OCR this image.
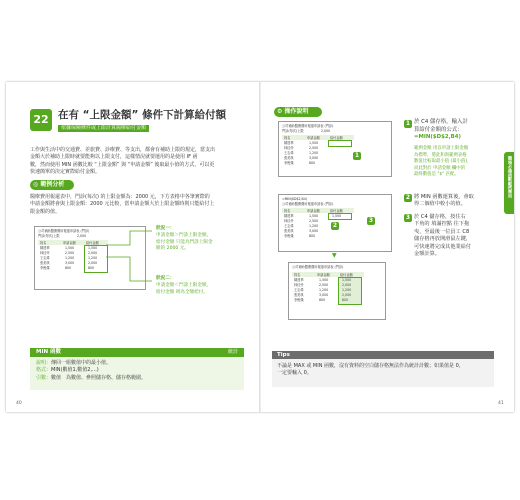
22 在有 “上限金額” 條件下計算給付額
依據保險條件或上限計算醫療給付金額
工作與生活中的交通費、差旅費、診療費、等支出，都會有補助上限的規定，當支出
金額大於補助上限時就要能夠以上限支付，這樣情況就要運用的是使用 IF 函
數，然而使用 MIN 函數比較 “上限金額” 與 “申請金額” 後取最小值的方式，可以更
快速簡單的決定實際給付金額。
◎ 範例分析
醫療費用報還表中，門診(每次) 的上限金額為：2000 元，下方表格中各筆實際的
申請金額將會與上限金額：2000 元比較，當申請金額大於上限金額時則只能給付上
限金額的值。
公司補助醫療費用報還申請表 (門診)
門診(每次)上限	2,000
姓名	申請金額	給付金額
陳建華	1,500	1,500
林佳伶	2,500	2,000
王志偉	1,200	1,200
張美琪	3,000	2,000
李俊傑	800	800
狀況一：
申請金額＞門診上限金額，
給付金額 只能為門診上限金
額的 2000 元。
狀況二：
申請金額＜門診上限金額，
給付金額 則為全額給付。
MIN 函數	統計
說明：傳回一組數值中的最小值。
格式：MIN(數值1,數值2,...)
引數：數值　為數值、參照儲存格、儲存格範圍。
40
⚙ 操作說明
公司補助醫療費用報還申請表 (門診)
門診(每次)上限	2,000
姓名	申請金額	給付金額
陳建華	1,500
林佳伶	2,500
王志偉	1,200
張美琪	3,000
李俊傑	800
1
1 於 C4 儲存格，輸入計
算給付金額的公式：
=MIN($D$2,B4)
範例金額 用以申請上限金額
為標準，將此和與範例表格
數值比較取最小值 (最小值)，
而此對於 申請金額 欄中的
最終數值是 "$" 匹配。
=MIN($D$2,B4)
公司補助醫療費用報還申請表 (門診)
姓名	申請金額	給付金額
陳建華	1,500	1,500
林佳伶	2,500
王志偉	1,200
張美琪	3,000
李俊傑	800
2
3
▼
2 將 MIN 函數運算後，會取
得二個值中較小的值。
3 於 C4 儲存格，按住右
下角的 填滿控點 往下拖
曳，至最後一位員工 C8
儲存格再放開滑鼠左鍵，
可快速將完成其他業給付
金額計算。
公司補助醫療費用報還申請表 (門診)
姓名	申請金額	給付金額
陳建華	1,500	1,500
林佳伶	2,500	2,000
王志偉	1,200	1,200
張美琪	3,000	2,000
李俊傑	800	800
Tips
不論是 MAX 或 MIN 函數，沒有資料的空白儲存格無法作為統計計數；如果值是 0，
一定要輸入 0。
職場必備函數範例應用
41
